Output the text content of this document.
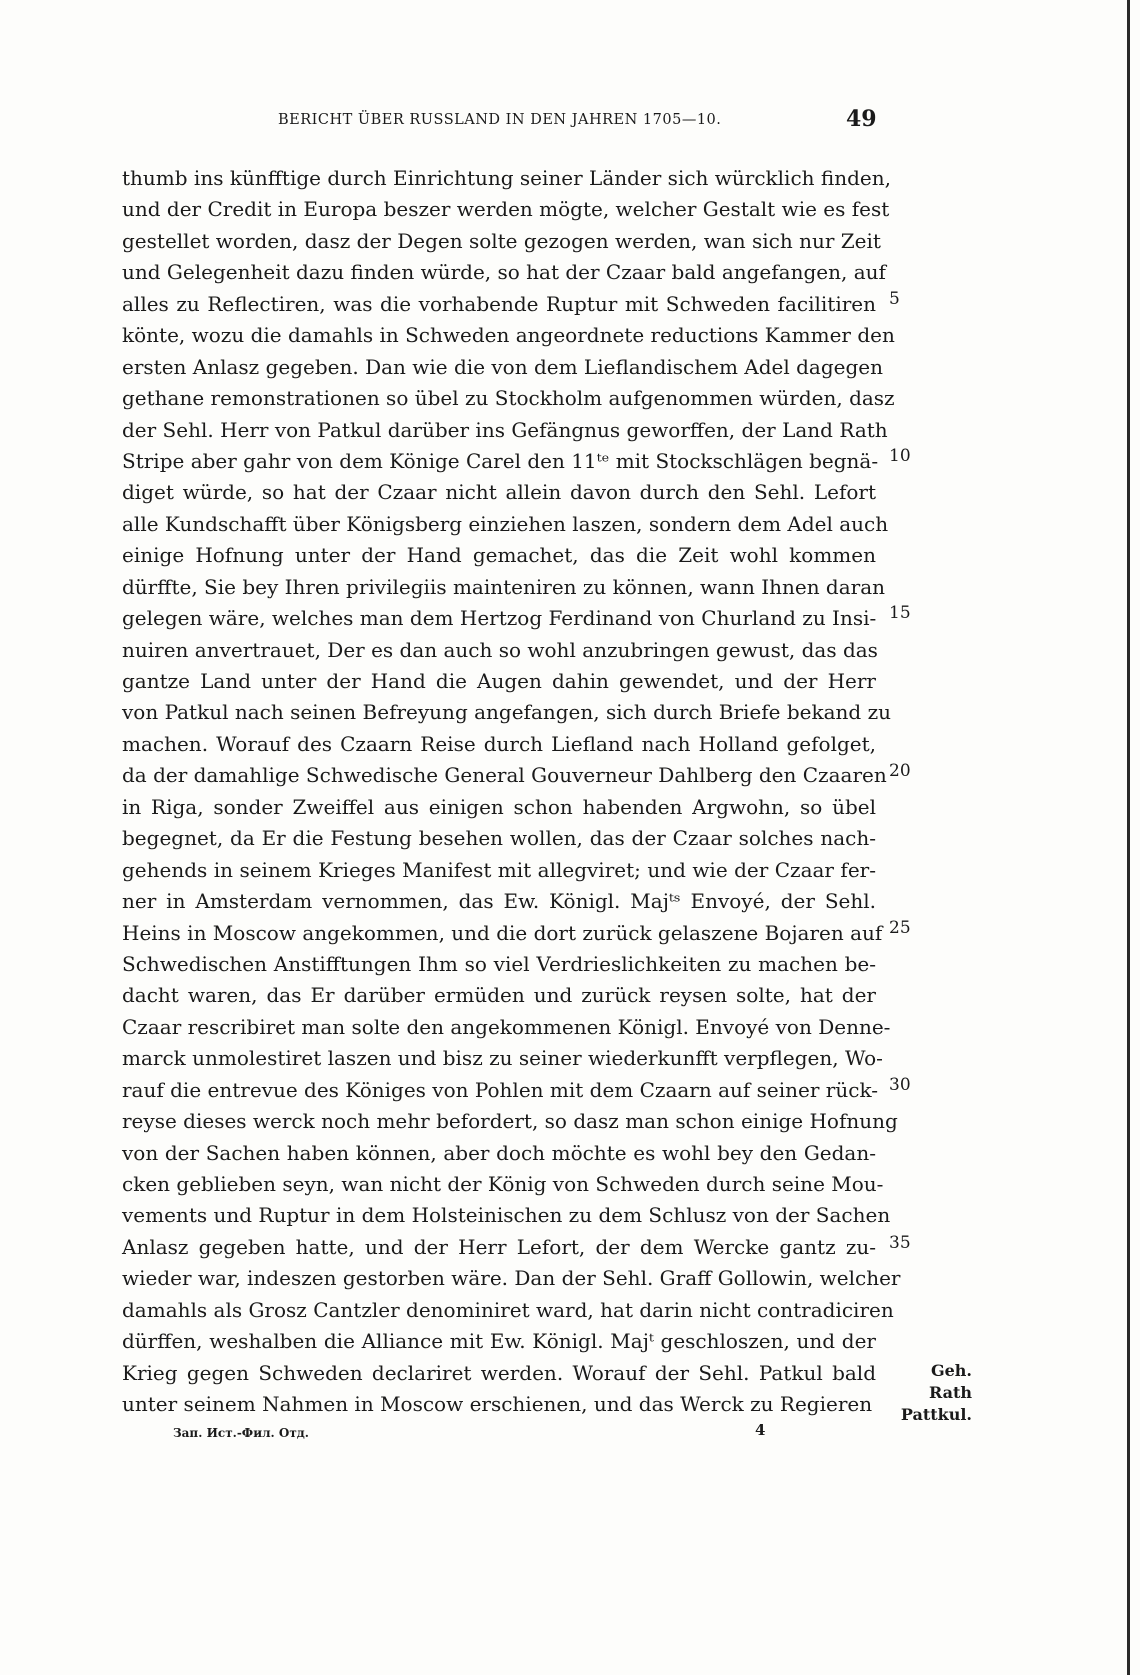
BERICHT ÜBER RUSSLAND IN DEN JAHREN 1705—10.	49
thumb ins künfftige durch Einrichtung seiner Länder sich würcklich finden,
und der Credit in Europa beszer werden mögte, welcher Gestalt wie es fest
gestellet worden, dasz der Degen solte gezogen werden, wan sich nur Zeit
und Gelegenheit dazu finden würde, so hat der Czaar bald angefangen, auf
alles zu Reflectiren, was die vorhabende Ruptur mit Schweden facilitiren
könte, wozu die damahls in Schweden angeordnete reductions Kammer den
ersten Anlasz gegeben. Dan wie die von dem Lieflandischem Adel dagegen
gethane remonstrationen so übel zu Stockholm aufgenommen würden, dasz
der Sehl. Herr von Patkul darüber ins Gefängnus geworffen, der Land Rath
Stripe aber gahr von dem Könige Carel den 11ᵗᵉ mit Stockschlägen begnä-
diget würde, so hat der Czaar nicht allein davon durch den Sehl. Lefort
alle Kundschafft über Königsberg einziehen laszen, sondern dem Adel auch
einige Hofnung unter der Hand gemachet, das die Zeit wohl kommen
dürffte, Sie bey Ihren privilegiis mainteniren zu können, wann Ihnen daran
gelegen wäre, welches man dem Hertzog Ferdinand von Churland zu Insi-
nuiren anvertrauet, Der es dan auch so wohl anzubringen gewust, das das
gantze Land unter der Hand die Augen dahin gewendet, und der Herr
von Patkul nach seinen Befreyung angefangen, sich durch Briefe bekand zu
machen. Worauf des Czaarn Reise durch Liefland nach Holland gefolget,
da der damahlige Schwedische General Gouverneur Dahlberg den Czaaren
in Riga, sonder Zweiffel aus einigen schon habenden Argwohn, so übel
begegnet, da Er die Festung besehen wollen, das der Czaar solches nach-
gehends in seinem Krieges Manifest mit allegviret; und wie der Czaar fer-
ner in Amsterdam vernommen, das Ew. Königl. Majᵗˢ Envoyé, der Sehl.
Heins in Moscow angekommen, und die dort zurück gelaszene Bojaren auf
Schwedischen Anstifftungen Ihm so viel Verdrieslichkeiten zu machen be-
dacht waren, das Er darüber ermüden und zurück reysen solte, hat der
Czaar rescribiret man solte den angekommenen Königl. Envoyé von Denne-
marck unmolestiret laszen und bisz zu seiner wiederkunfft verpflegen, Wo-
rauf die entrevue des Königes von Pohlen mit dem Czaarn auf seiner rück-
reyse dieses werck noch mehr befordert, so dasz man schon einige Hofnung
von der Sachen haben können, aber doch möchte es wohl bey den Gedan-
cken geblieben seyn, wan nicht der König von Schweden durch seine Mou-
vements und Ruptur in dem Holsteinischen zu dem Schlusz von der Sachen
Anlasz gegeben hatte, und der Herr Lefort, der dem Wercke gantz zu-
wieder war, indeszen gestorben wäre. Dan der Sehl. Graff Gollowin, welcher
damahls als Grosz Cantzler denominiret ward, hat darin nicht contradiciren
dürffen, weshalben die Alliance mit Ew. Königl. Majᵗ geschloszen, und der
Krieg gegen Schweden declariret werden. Worauf der Sehl. Patkul bald
unter seinem Nahmen in Moscow erschienen, und das Werck zu Regieren
5
10
15
20
25
30
35
Geh. Rath
Pattkul.
Зап. Ист.-Фил. Отд.	4
